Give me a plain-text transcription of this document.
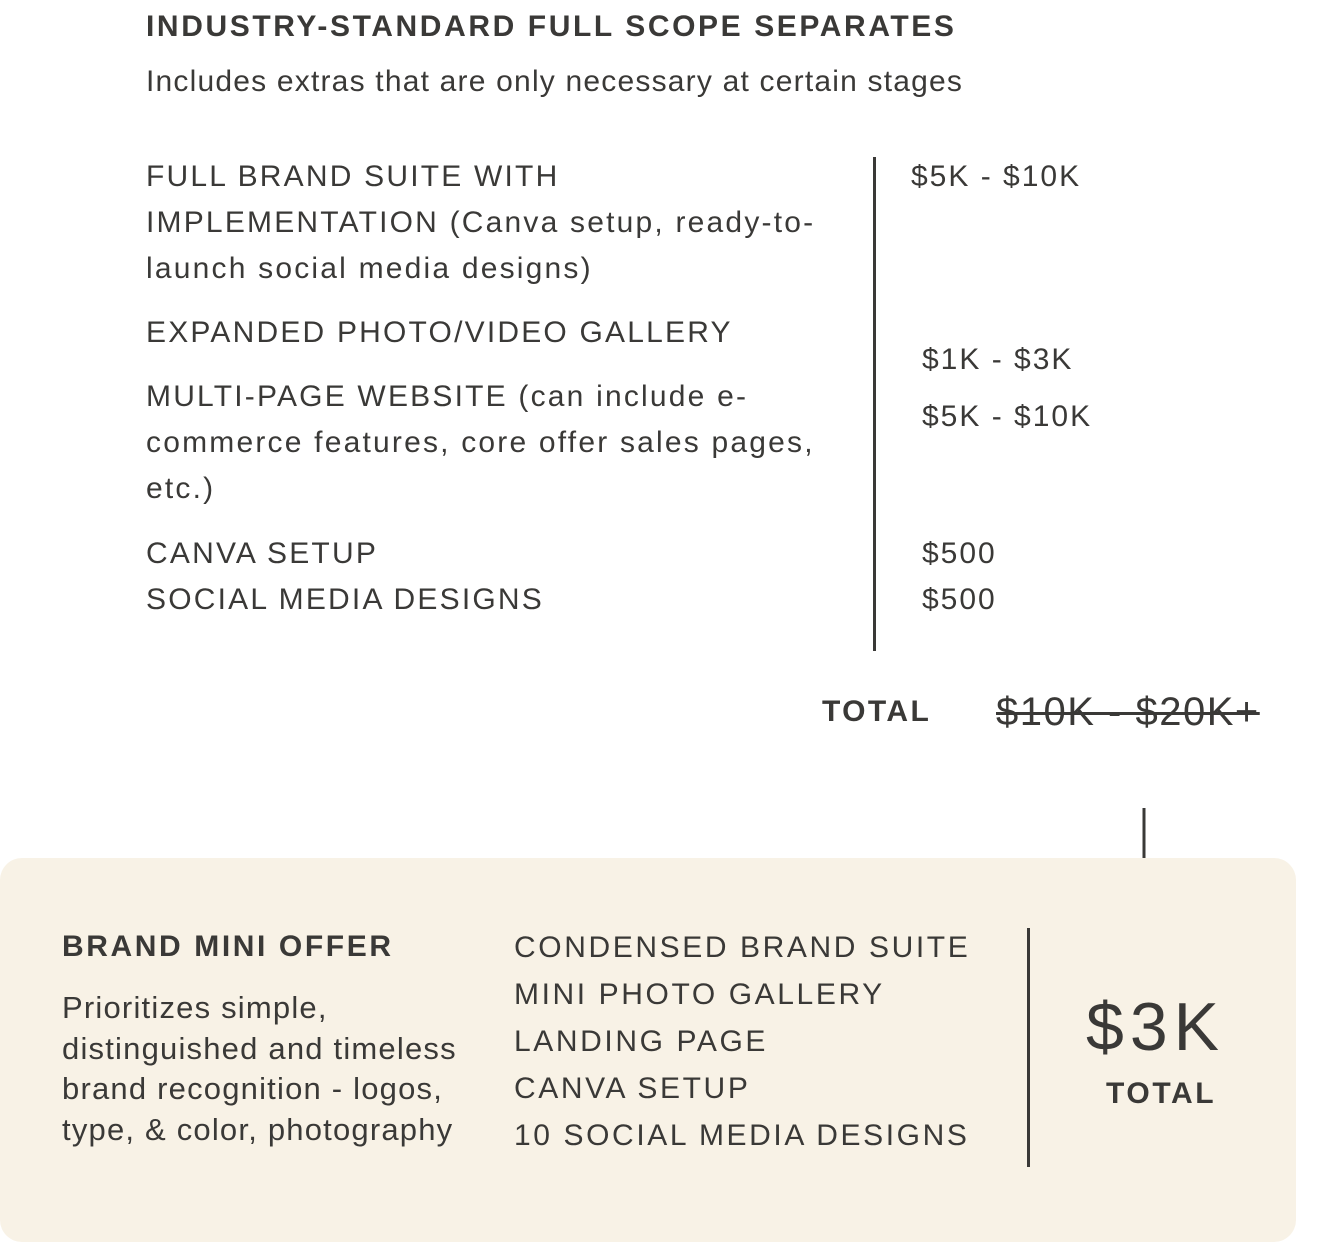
INDUSTRY-STANDARD FULL SCOPE SEPARATES
Includes extras that are only necessary at certain stages
FULL BRAND SUITE WITH IMPLEMENTATION (Canva setup, ready-to-launch social media designs)
$5K - $10K
EXPANDED PHOTO/VIDEO GALLERY
$1K - $3K
MULTI-PAGE WEBSITE (can include e-commerce features, core offer sales pages, etc.)
$5K - $10K
CANVA SETUP	$500
SOCIAL MEDIA DESIGNS	$500
TOTAL $10K - $20K+
BRAND MINI OFFER
Prioritizes simple, distinguished and timeless brand recognition - logos, type, & color, photography
CONDENSED BRAND SUITE
MINI PHOTO GALLERY
LANDING PAGE
CANVA SETUP
10 SOCIAL MEDIA DESIGNS
$3K
TOTAL
